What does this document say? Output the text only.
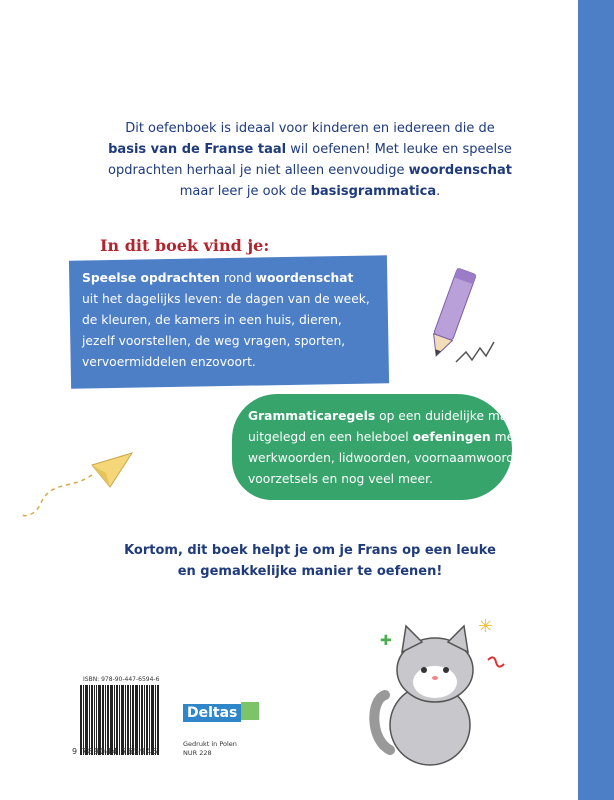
Dit oefenboek is ideaal voor kinderen en iedereen die de
basis van de Franse taal wil oefenen! Met leuke en speelse
opdrachten herhaal je niet alleen eenvoudige woordenschat
maar leer je ook de basisgrammatica.
In dit boek vind je:
Speelse opdrachten rond woordenschat
uit het dagelijks leven: de dagen van de week,
de kleuren, de kamers in een huis, dieren,
jezelf voorstellen, de weg vragen, sporten,
vervoermiddelen enzovoort.
Grammaticaregels op een duidelijke manier
uitgelegd en een heleboel oefeningen met
werkwoorden, lidwoorden, voornaamwoorden,
voorzetsels en nog veel meer.
Kortom, dit boek helpt je om je Frans op een leuke
en gemakkelijke manier te oefenen!
✳
✚
ISBN: 978-90-447-6594-6
9 789044 765946
Deltas
Gedrukt in Polen
NUR 228
